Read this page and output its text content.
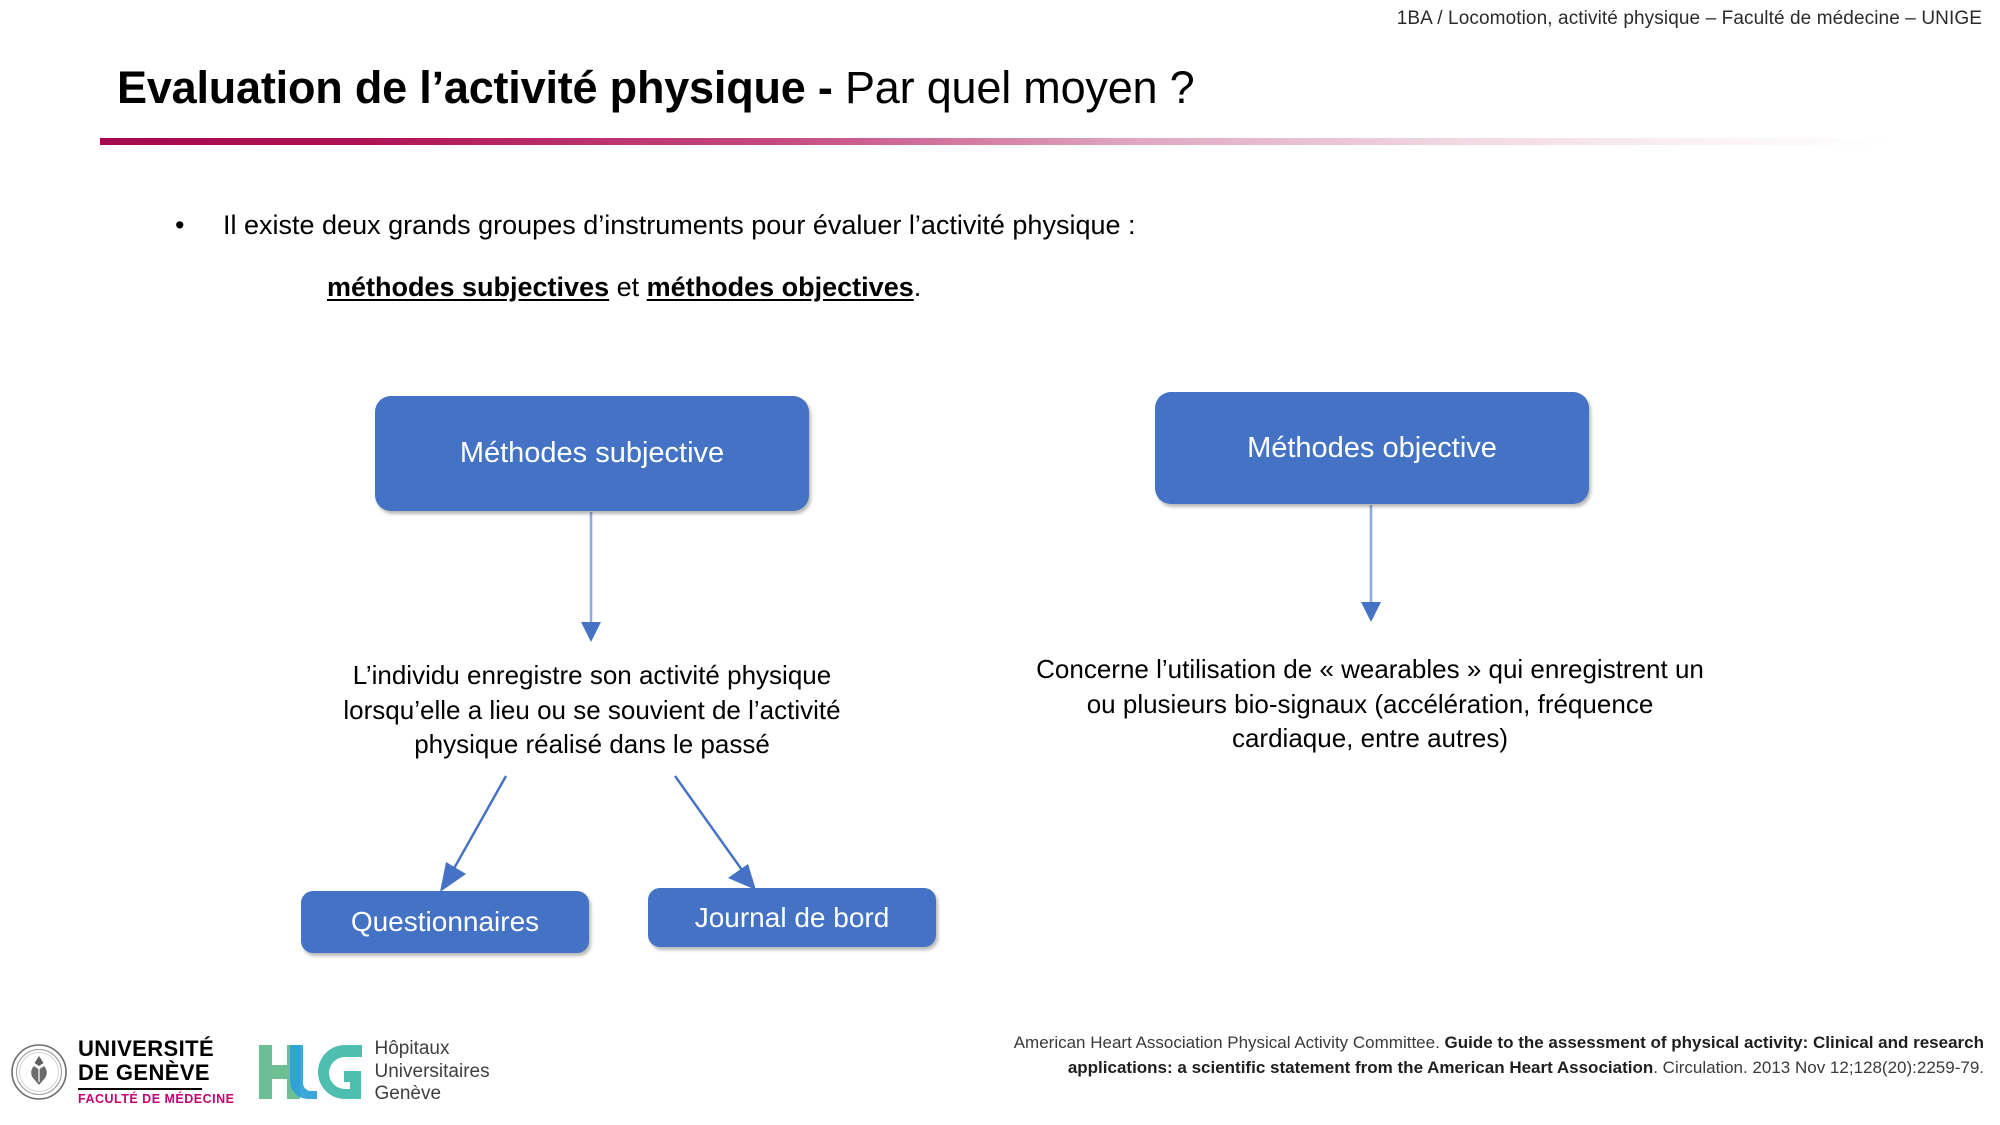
1BA / Locomotion, activité physique – Faculté de médecine – UNIGE
Evaluation de l’activité physique - Par quel moyen ?
• Il existe deux grands groupes d’instruments pour évaluer l’activité physique :
méthodes subjectives et méthodes objectives.
Méthodes subjective	Méthodes objective
Questionnaires	Journal de bord
L’individu enregistre son activité physique lorsqu’elle a lieu ou se souvient de l’activité physique réalisé dans le passé
Concerne l’utilisation de « wearables » qui enregistrent un ou plusieurs bio-signaux (accélération, fréquence cardiaque, entre autres)
American Heart Association Physical Activity Committee. Guide to the assessment of physical activity: Clinical and research applications: a scientific statement from the American Heart Association. Circulation. 2013 Nov 12;128(20):2259-79.
UNIVERSITÉ
DE GENÈVE
FACULTÉ DE MÉDECINE
Hôpitaux
Universitaires
Genève
